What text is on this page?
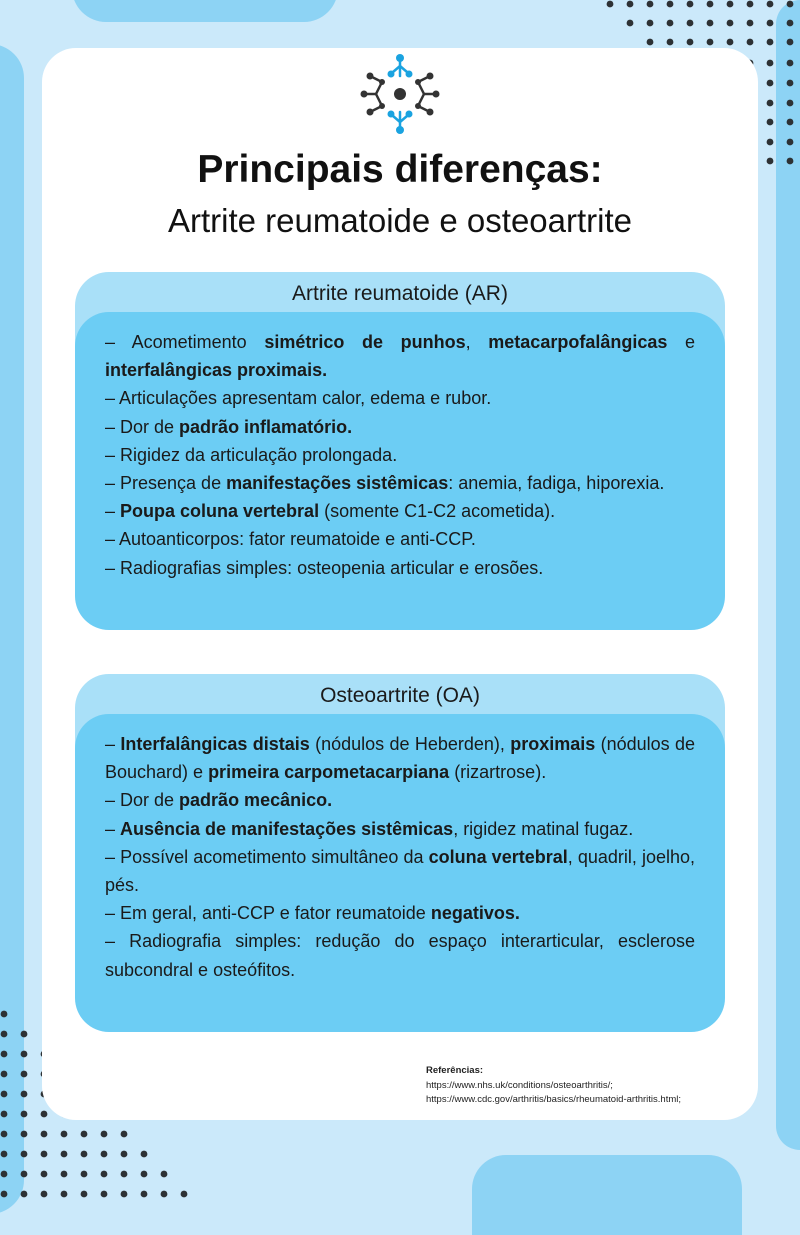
Principais diferenças:
Artrite reumatoide e osteoartrite
Artrite reumatoide (AR)

– Acometimento simétrico de punhos, metacarpofalângicas e interfalângicas proximais.

– Articulações apresentam calor, edema e rubor.

– Dor de padrão inflamatório.

– Rigidez da articulação prolongada.

– Presença de manifestações sistêmicas: anemia, fadiga, hiporexia.

– Poupa coluna vertebral (somente C1-C2 acometida).

– Autoanticorpos: fator reumatoide e anti-CCP.

– Radiografias simples: osteopenia articular e erosões.

Osteoartrite (OA)

– Interfalângicas distais (nódulos de Heberden), proximais (nódulos de Bouchard) e primeira carpometacarpiana (rizartrose).

– Dor de padrão mecânico.

– Ausência de manifestações sistêmicas, rigidez matinal fugaz.

– Possível acometimento simultâneo da coluna vertebral, quadril, joelho, pés.

– Em geral, anti-CCP e fator reumatoide negativos.

– Radiografia simples: redução do espaço interarticular, esclerose subcondral e osteófitos.

Referências:
https://www.nhs.uk/conditions/osteoarthritis/;
https://www.cdc.gov/arthritis/basics/rheumatoid-arthritis.html;
